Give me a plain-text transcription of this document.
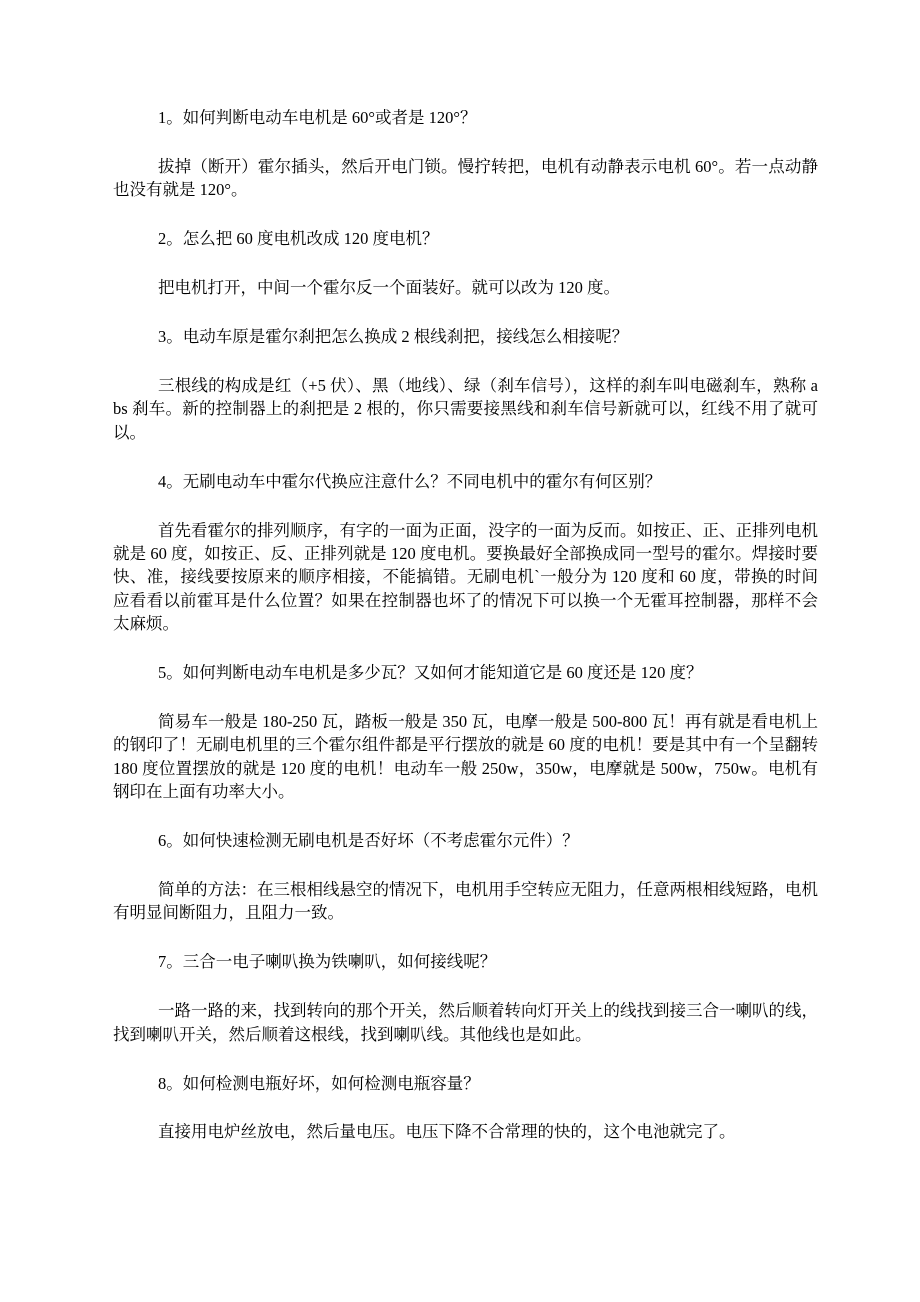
1。如何判断电动车电机是 60°或者是 120°？

拔掉（断开）霍尔插头，然后开电门锁。慢拧转把，电机有动静表示电机 60°。若一点动静也没有就是 120°。

2。怎么把 60 度电机改成 120 度电机？

把电机打开，中间一个霍尔反一个面装好。就可以改为 120 度。

3。电动车原是霍尔刹把怎么换成 2 根线刹把，接线怎么相接呢？

三根线的构成是红（+5 伏）、黑（地线）、绿（刹车信号），这样的刹车叫电磁刹车，熟称 abs 刹车。新的控制器上的刹把是 2 根的，你只需要接黑线和刹车信号新就可以，红线不用了就可以。

4。无刷电动车中霍尔代换应注意什么？不同电机中的霍尔有何区别？

首先看霍尔的排列顺序，有字的一面为正面，没字的一面为反而。如按正、正、正排列电机就是 60 度，如按正、反、正排列就是 120 度电机。要换最好全部换成同一型号的霍尔。焊接时要快、准，接线要按原来的顺序相接，不能搞错。无刷电机`一般分为 120 度和 60 度，带换的时间应看看以前霍耳是什么位置？如果在控制器也坏了的情况下可以换一个无霍耳控制器，那样不会太麻烦。

5。如何判断电动车电机是多少瓦？又如何才能知道它是 60 度还是 120 度？

简易车一般是 180-250 瓦，踏板一般是 350 瓦，电摩一般是 500-800 瓦！再有就是看电机上的钢印了！无刷电机里的三个霍尔组件都是平行摆放的就是 60 度的电机！要是其中有一个呈翻转 180 度位置摆放的就是 120 度的电机！电动车一般 250w，350w，电摩就是 500w，750w。电机有钢印在上面有功率大小。

6。如何快速检测无刷电机是否好坏（不考虑霍尔元件）？

简单的方法：在三根相线悬空的情况下，电机用手空转应无阻力，任意两根相线短路，电机有明显间断阻力，且阻力一致。

7。三合一电子喇叭换为铁喇叭，如何接线呢？

一路一路的来，找到转向的那个开关，然后顺着转向灯开关上的线找到接三合一喇叭的线，找到喇叭开关，然后顺着这根线，找到喇叭线。其他线也是如此。

8。如何检测电瓶好坏，如何检测电瓶容量？

直接用电炉丝放电，然后量电压。电压下降不合常理的快的，这个电池就完了。
